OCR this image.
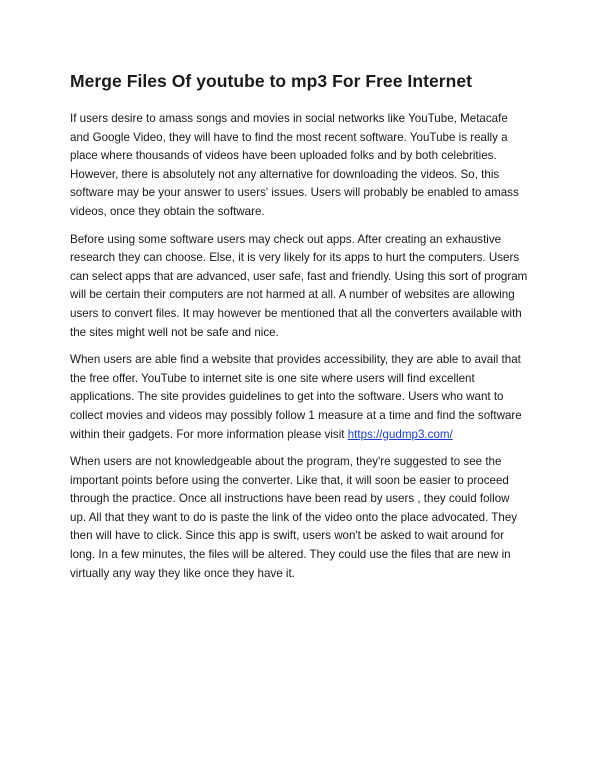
Merge Files Of youtube to mp3 For Free Internet

If users desire to amass songs and movies in social networks like YouTube, Metacafe and Google Video, they will have to find the most recent software. YouTube is really a place where thousands of videos have been uploaded folks and by both celebrities. However, there is absolutely not any alternative for downloading the videos. So, this software may be your answer to users' issues. Users will probably be enabled to amass videos, once they obtain the software.

Before using some software users may check out apps. After creating an exhaustive research they can choose. Else, it is very likely for its apps to hurt the computers. Users can select apps that are advanced, user safe, fast and friendly. Using this sort of program will be certain their computers are not harmed at all. A number of websites are allowing users to convert files. It may however be mentioned that all the converters available with the sites might well not be safe and nice.

When users are able find a website that provides accessibility, they are able to avail that the free offer. YouTube to internet site is one site where users will find excellent applications. The site provides guidelines to get into the software. Users who want to collect movies and videos may possibly follow 1 measure at a time and find the software within their gadgets. For more information please visit https://gudmp3.com/

When users are not knowledgeable about the program, they're suggested to see the important points before using the converter. Like that, it will soon be easier to proceed through the practice. Once all instructions have been read by users , they could follow up. All that they want to do is paste the link of the video onto the place advocated. They then will have to click. Since this app is swift, users won't be asked to wait around for long. In a few minutes, the files will be altered. They could use the files that are new in virtually any way they like once they have it.
